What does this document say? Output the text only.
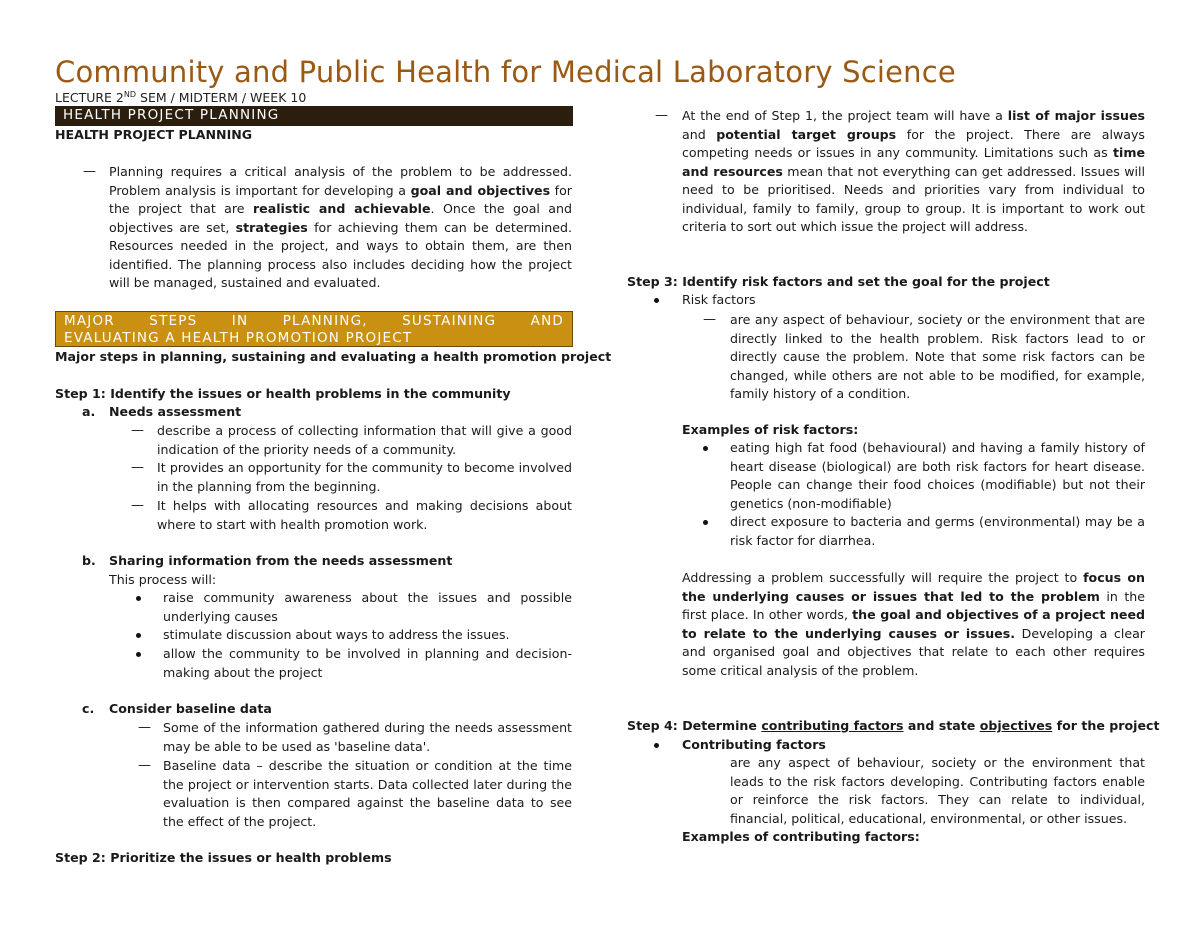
Community and Public Health for Medical Laboratory Science
LECTURE 2ND SEM / MIDTERM / WEEK 10
HEALTH PROJECT PLANNING
HEALTH PROJECT PLANNING
— Planning requires a critical analysis of the problem to be addressed. Problem analysis is important for developing a goal and objectives for the project that are realistic and achievable. Once the goal and objectives are set, strategies for achieving them can be determined. Resources needed in the project, and ways to obtain them, are then identified. The planning process also includes deciding how the project will be managed, sustained and evaluated.
MAJOR STEPS IN PLANNING, SUSTAINING AND
EVALUATING A HEALTH PROMOTION PROJECT
Major steps in planning, sustaining and evaluating a health promotion project
Step 1: Identify the issues or health problems in the community
a. Needs assessment
— describe a process of collecting information that will give a good indication of the priority needs of a community.
— It provides an opportunity for the community to become involved in the planning from the beginning.
— It helps with allocating resources and making decisions about where to start with health promotion work.
b. Sharing information from the needs assessment
This process will:
raise community awareness about the issues and possible underlying causes
stimulate discussion about ways to address the issues.
allow the community to be involved in planning and decision-making about the project
c. Consider baseline data
— Some of the information gathered during the needs assessment may be able to be used as 'baseline data'.
— Baseline data – describe the situation or condition at the time the project or intervention starts. Data collected later during the evaluation is then compared against the baseline data to see the effect of the project.
Step 2: Prioritize the issues or health problems
— At the end of Step 1, the project team will have a list of major issues and potential target groups for the project. There are always competing needs or issues in any community. Limitations such as time and resources mean that not everything can get addressed. Issues will need to be prioritised. Needs and priorities vary from individual to individual, family to family, group to group. It is important to work out criteria to sort out which issue the project will address.
Step 3: Identify risk factors and set the goal for the project
Risk factors
— are any aspect of behaviour, society or the environment that are directly linked to the health problem. Risk factors lead to or directly cause the problem. Note that some risk factors can be changed, while others are not able to be modified, for example, family history of a condition.
Examples of risk factors:
eating high fat food (behavioural) and having a family history of heart disease (biological) are both risk factors for heart disease. People can change their food choices (modifiable) but not their genetics (non-modifiable)
direct exposure to bacteria and germs (environmental) may be a risk factor for diarrhea.
Addressing a problem successfully will require the project to focus on the underlying causes or issues that led to the problem in the first place. In other words, the goal and objectives of a project need to relate to the underlying causes or issues. Developing a clear and organised goal and objectives that relate to each other requires some critical analysis of the problem.
Step 4: Determine contributing factors and state objectives for the project
Contributing factors
are any aspect of behaviour, society or the environment that leads to the risk factors developing. Contributing factors enable or reinforce the risk factors. They can relate to individual, financial, political, educational, environmental, or other issues.
Examples of contributing factors:
